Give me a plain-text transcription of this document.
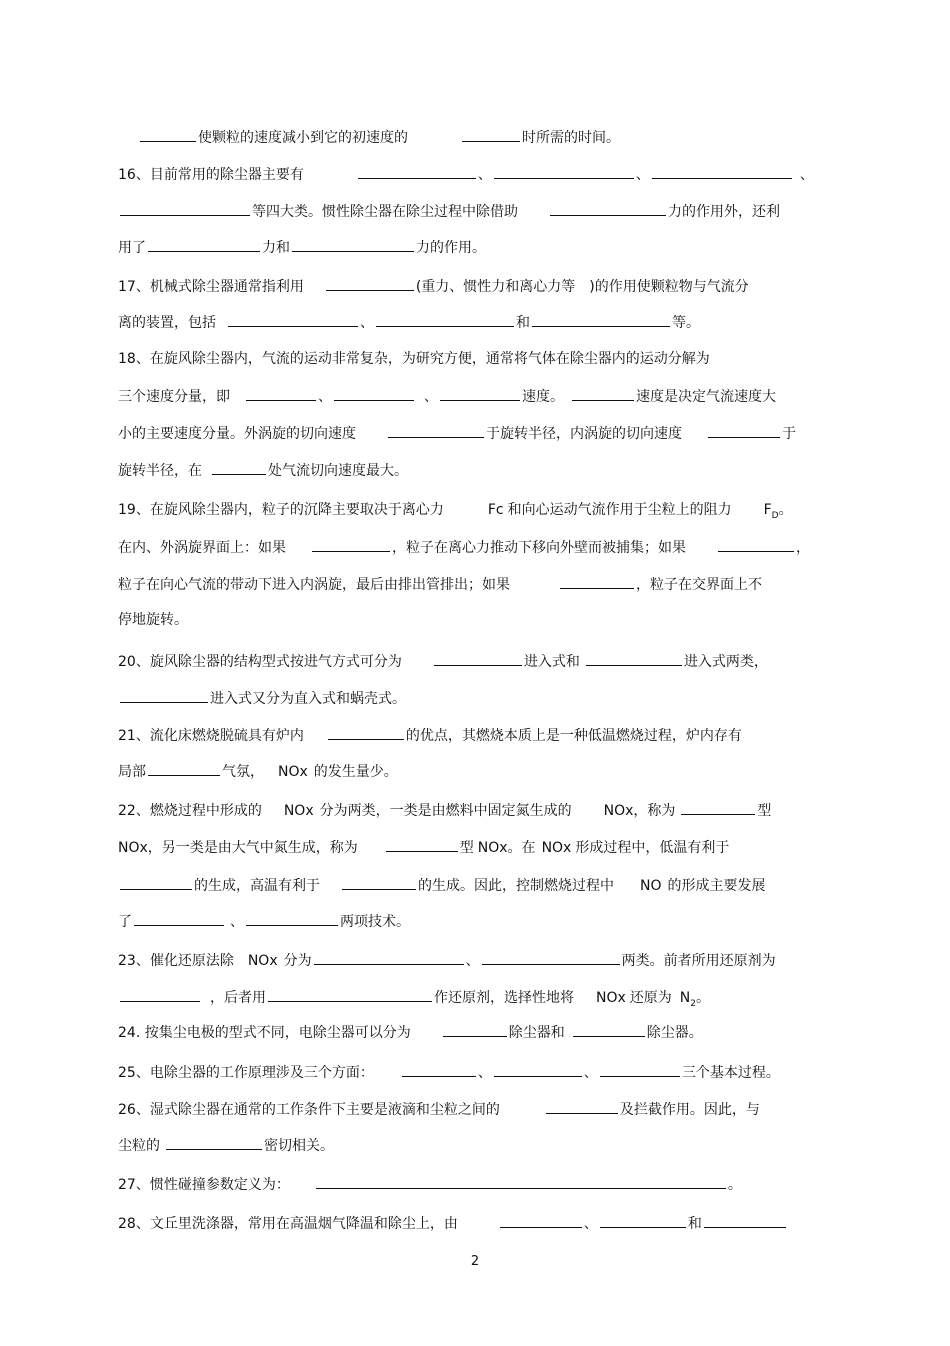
使颗粒的速度减小到它的初速度的	时所需的时间。
16、目前常用的除尘器主要有	、	、	、
等四大类。惯性除尘器在除尘过程中除借助	力的作用外，还利
用了	力和	力的作用。
17、机械式除尘器通常指利用	(重力、惯性力和离心力等 )的作用使颗粒物与气流分
离的装置，包括	、	和	等。
18、在旋风除尘器内，气流的运动非常复杂，为研究方便，通常将气体在除尘器内的运动分解为
三个速度分量，即	、	、	速度。	速度是决定气流速度大
小的主要速度分量。外涡旋的切向速度	于旋转半径，内涡旋的切向速度	于
旋转半径，在	处气流切向速度最大。
19、在旋风除尘器内，粒子的沉降主要取决于离心力	Fc 和向心运动气流作用于尘粒上的阻力 $F_D$。
在内、外涡旋界面上：如果	，粒子在离心力推动下移向外壁而被捕集；如果	，
粒子在向心气流的带动下进入内涡旋，最后由排出管排出；如果	，粒子在交界面上不
停地旋转。
20、旋风除尘器的结构型式按进气方式可分为	进入式和	进入式两类，
进入式又分为直入式和蜗壳式。
21、流化床燃烧脱硫具有炉内	的优点，其燃烧本质上是一种低温燃烧过程，炉内存有
局部	气氛， NOx 的发生量少。
22、燃烧过程中形成的 NOx 分为两类，一类是由燃料中固定氮生成的 NOx，称为	型
NOx，另一类是由大气中氮生成，称为	型 NOx。在 NOx 形成过程中，低温有利于
的生成，高温有利于	的生成。因此，控制燃烧过程中 NO 的形成主要发展
了	、	两项技术。
23、催化还原法除 NOx 分为	、	两类。前者所用还原剂为
，后者用	作还原剂，选择性地将 NOx 还原为 $N_2$。
24. 按集尘电极的型式不同，电除尘器可以分为	除尘器和	除尘器。
25、电除尘器的工作原理涉及三个方面：	、	、	三个基本过程。
26、湿式除尘器在通常的工作条件下主要是液滴和尘粒之间的	及拦截作用。因此，与
尘粒的	密切相关。
27、惯性碰撞参数定义为：	。
28、文丘里洗涤器，常用在高温烟气降温和除尘上，由	、	和
2
